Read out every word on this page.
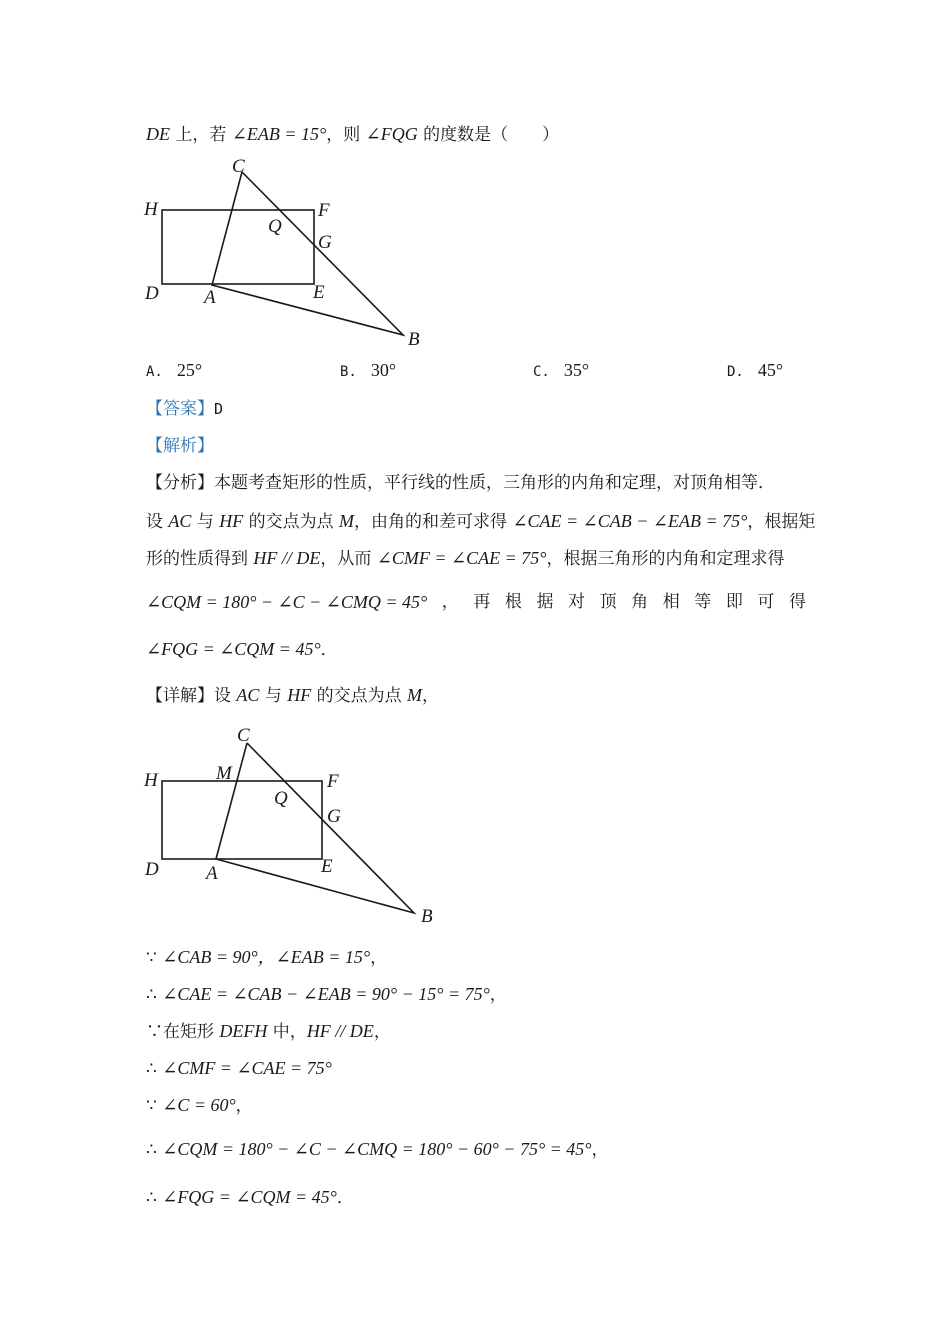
DE 上，若 ∠EAB = 15°，则 ∠FQG 的度数是（　　）
C
H	F
Q
G
D A	E
B
A. 25°	B. 30°	C. 35°	D. 45°
【答案】D
【解析】
【分析】本题考查矩形的性质，平行线的性质，三角形的内角和定理，对顶角相等．
设 AC 与 HF 的交点为点 M，由角的和差可求得 ∠CAE = ∠CAB − ∠EAB = 75°，根据矩
形的性质得到 HF // DE，从而 ∠CMF = ∠CAE = 75°，根据三角形的内角和定理求得
∠CQM = 180° − ∠C − ∠CMQ = 45° ， 再 根 据 对 顶 角 相 等 即 可 得
∠FQG = ∠CQM = 45°．
【详解】设 AC 与 HF 的交点为点 M，
C
H	M	F
Q
G
D A	E
B
∵ ∠CAB = 90°，∠EAB = 15°，
∴ ∠CAE = ∠CAB − ∠EAB = 90° − 15° = 75°，
∵在矩形 DEFH 中，HF // DE，
∴ ∠CMF = ∠CAE = 75°
∵ ∠C = 60°，
∴ ∠CQM = 180° − ∠C − ∠CMQ = 180° − 60° − 75° = 45°，
∴ ∠FQG = ∠CQM = 45°．
